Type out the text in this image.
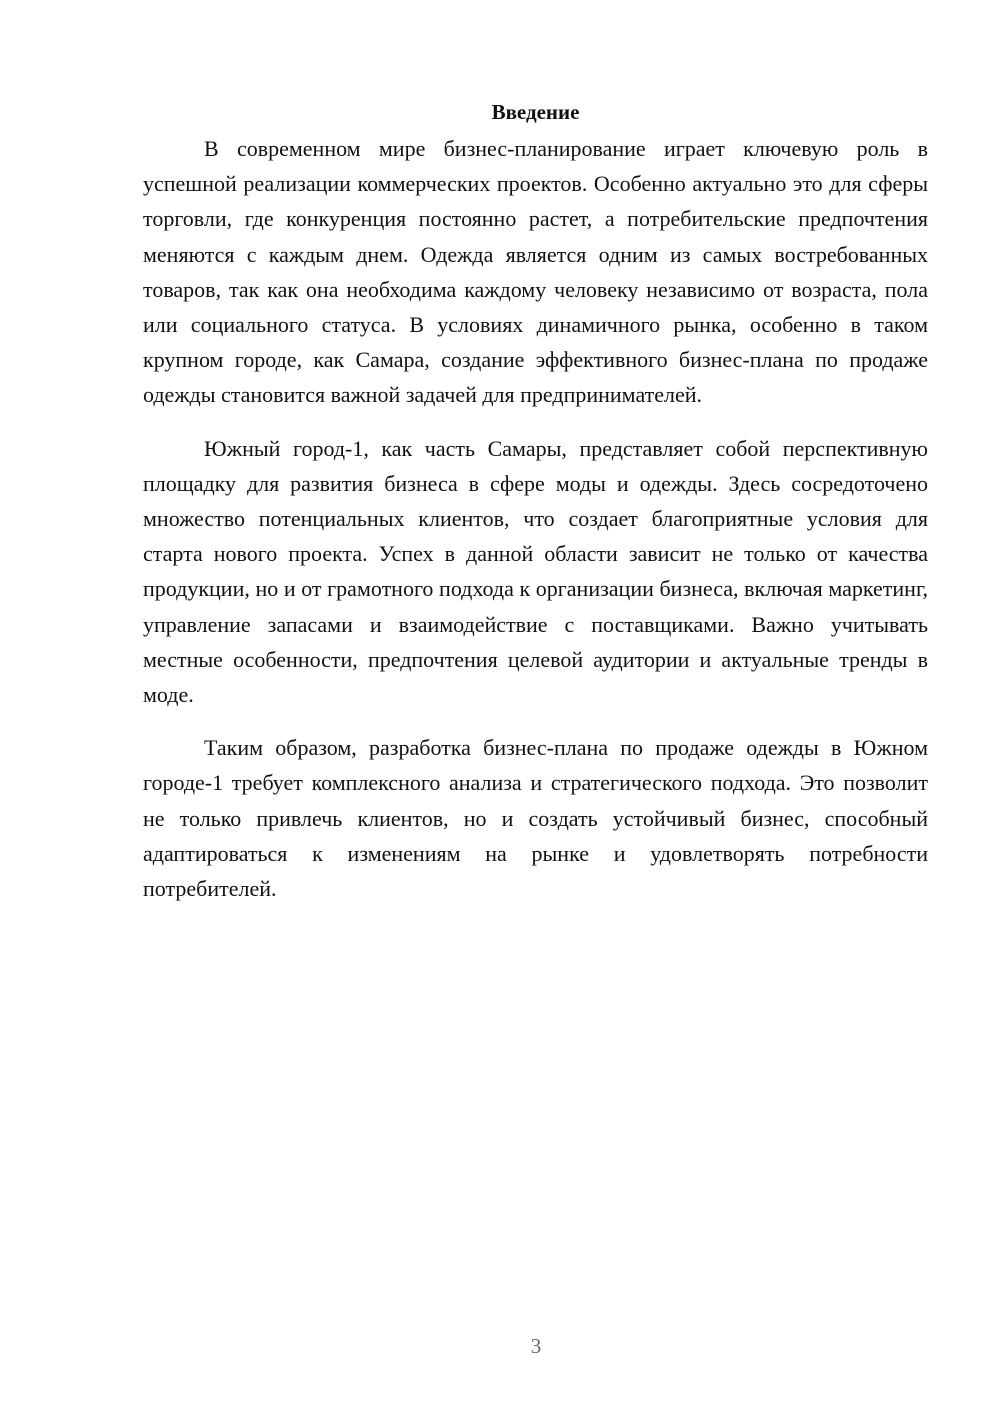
Введение

В современном мире бизнес-планирование играет ключевую роль в успешной реализации коммерческих проектов. Особенно актуально это для сферы торговли, где конкуренция постоянно растет, а потребительские предпочтения меняются с каждым днем. Одежда является одним из самых востребованных товаров, так как она необходима каждому человеку независимо от возраста, пола или социального статуса. В условиях динамичного рынка, особенно в таком крупном городе, как Самара, создание эффективного бизнес-плана по продаже одежды становится важной задачей для предпринимателей.

Южный город-1, как часть Самары, представляет собой перспективную площадку для развития бизнеса в сфере моды и одежды. Здесь сосредоточено множество потенциальных клиентов, что создает благоприятные условия для старта нового проекта. Успех в данной области зависит не только от качества продукции, но и от грамотного подхода к организации бизнеса, включая маркетинг, управление запасами и взаимодействие с поставщиками. Важно учитывать местные особенности, предпочтения целевой аудитории и актуальные тренды в моде.

Таким образом, разработка бизнес-плана по продаже одежды в Южном городе-1 требует комплексного анализа и стратегического подхода. Это позволит не только привлечь клиентов, но и создать устойчивый бизнес, способный адаптироваться к изменениям на рынке и удовлетворять потребности потребителей.

3
